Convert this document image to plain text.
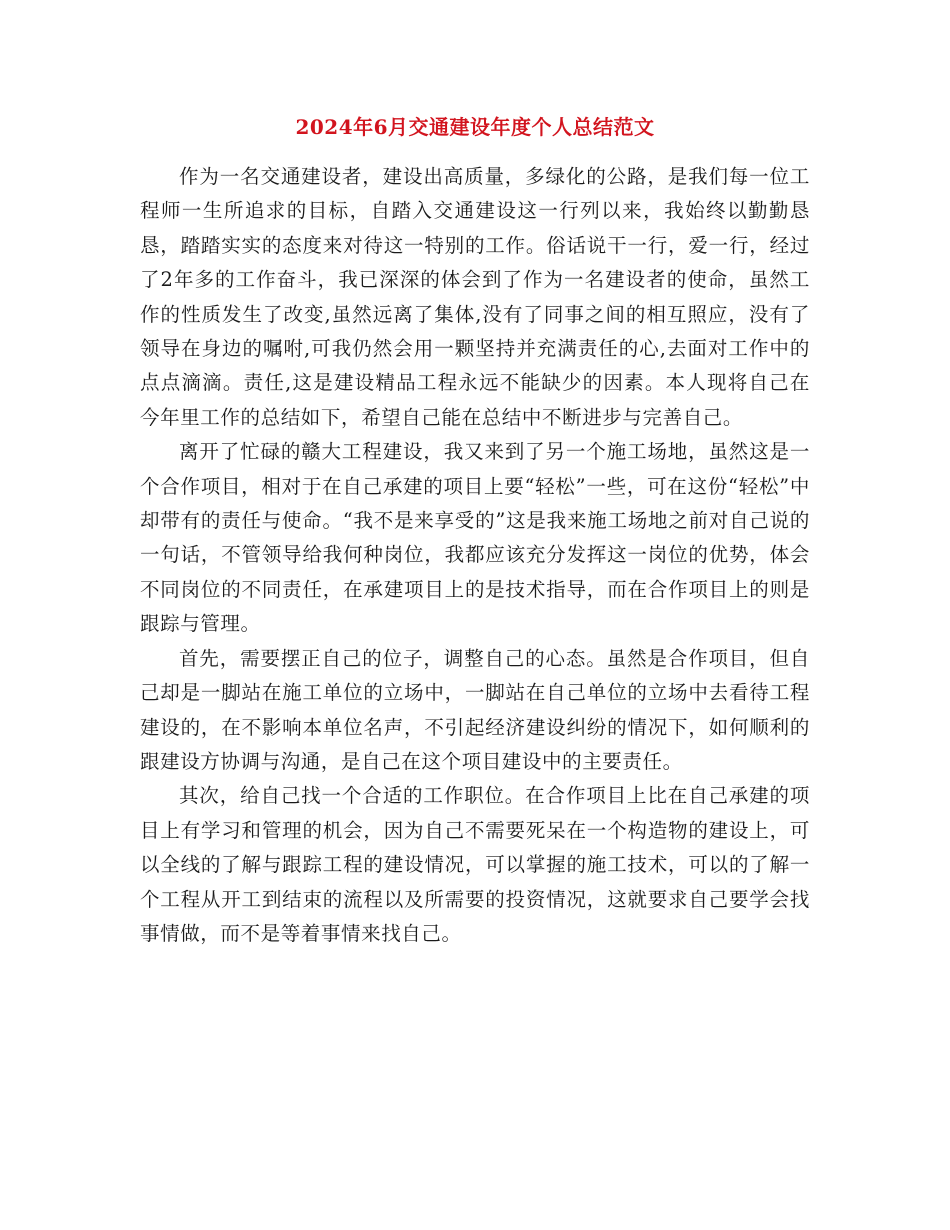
2024年6月交通建设年度个人总结范文

作为一名交通建设者，建设出高质量，多绿化的公路，是我们每一位工程师一生所追求的目标，自踏入交通建设这一行列以来，我始终以勤勤恳恳，踏踏实实的态度来对待这一特别的工作。俗话说干一行，爱一行，经过了2年多的工作奋斗，我已深深的体会到了作为一名建设者的使命，虽然工作的性质发生了改变,虽然远离了集体,没有了同事之间的相互照应，没有了领导在身边的嘱咐,可我仍然会用一颗坚持并充满责任的心,去面对工作中的点点滴滴。责任,这是建设精品工程永远不能缺少的因素。本人现将自己在今年里工作的总结如下，希望自己能在总结中不断进步与完善自己。

离开了忙碌的赣大工程建设，我又来到了另一个施工场地，虽然这是一个合作项目，相对于在自己承建的项目上要“轻松”一些，可在这份“轻松”中却带有的责任与使命。“我不是来享受的”这是我来施工场地之前对自己说的一句话，不管领导给我何种岗位，我都应该充分发挥这一岗位的优势，体会不同岗位的不同责任，在承建项目上的是技术指导，而在合作项目上的则是跟踪与管理。

首先，需要摆正自己的位子，调整自己的心态。虽然是合作项目，但自己却是一脚站在施工单位的立场中，一脚站在自己单位的立场中去看待工程建设的，在不影响本单位名声，不引起经济建设纠纷的情况下，如何顺利的跟建设方协调与沟通，是自己在这个项目建设中的主要责任。

其次，给自己找一个合适的工作职位。在合作项目上比在自己承建的项目上有学习和管理的机会，因为自己不需要死呆在一个构造物的建设上，可以全线的了解与跟踪工程的建设情况，可以掌握的施工技术，可以的了解一个工程从开工到结束的流程以及所需要的投资情况，这就要求自己要学会找事情做，而不是等着事情来找自己。
